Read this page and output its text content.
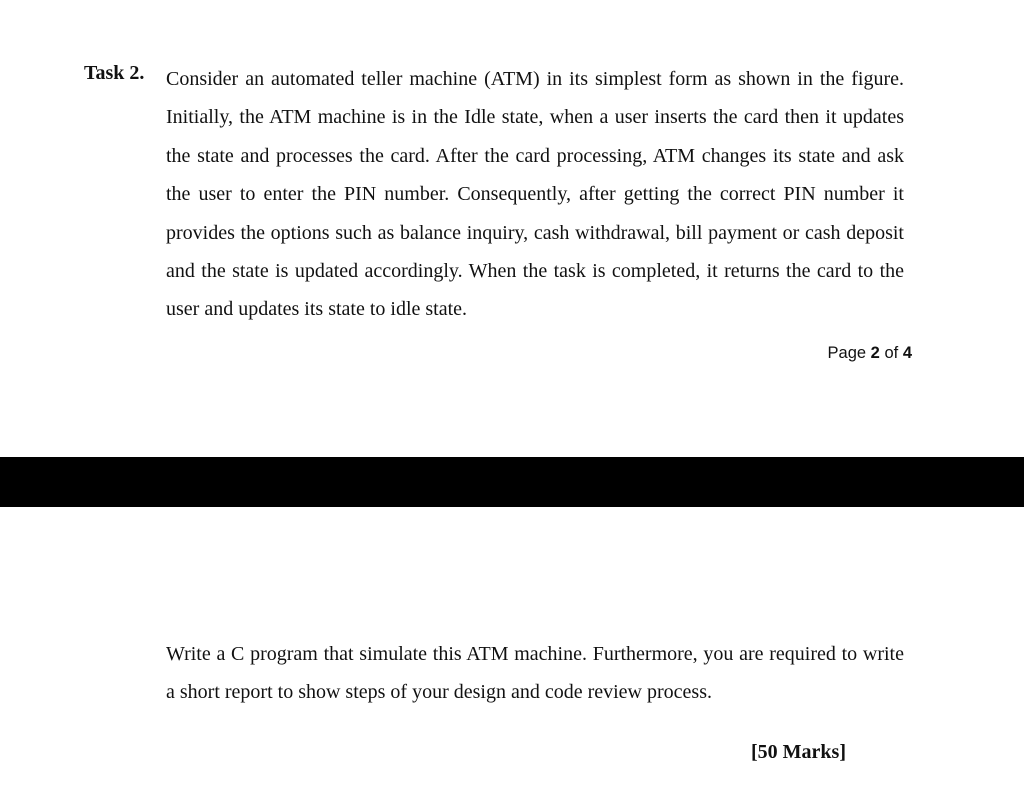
Task 2. Consider an automated teller machine (ATM) in its simplest form as shown in the figure. Initially, the ATM machine is in the Idle state, when a user inserts the card then it updates the state and processes the card. After the card processing, ATM changes its state and ask the user to enter the PIN number. Consequently, after getting the correct PIN number it provides the options such as balance inquiry, cash withdrawal, bill payment or cash deposit and the state is updated accordingly. When the task is completed, it returns the card to the user and updates its state to idle state.

Page 2 of 4

Write a C program that simulate this ATM machine. Furthermore, you are required to write a short report to show steps of your design and code review process.

[50 Marks]
